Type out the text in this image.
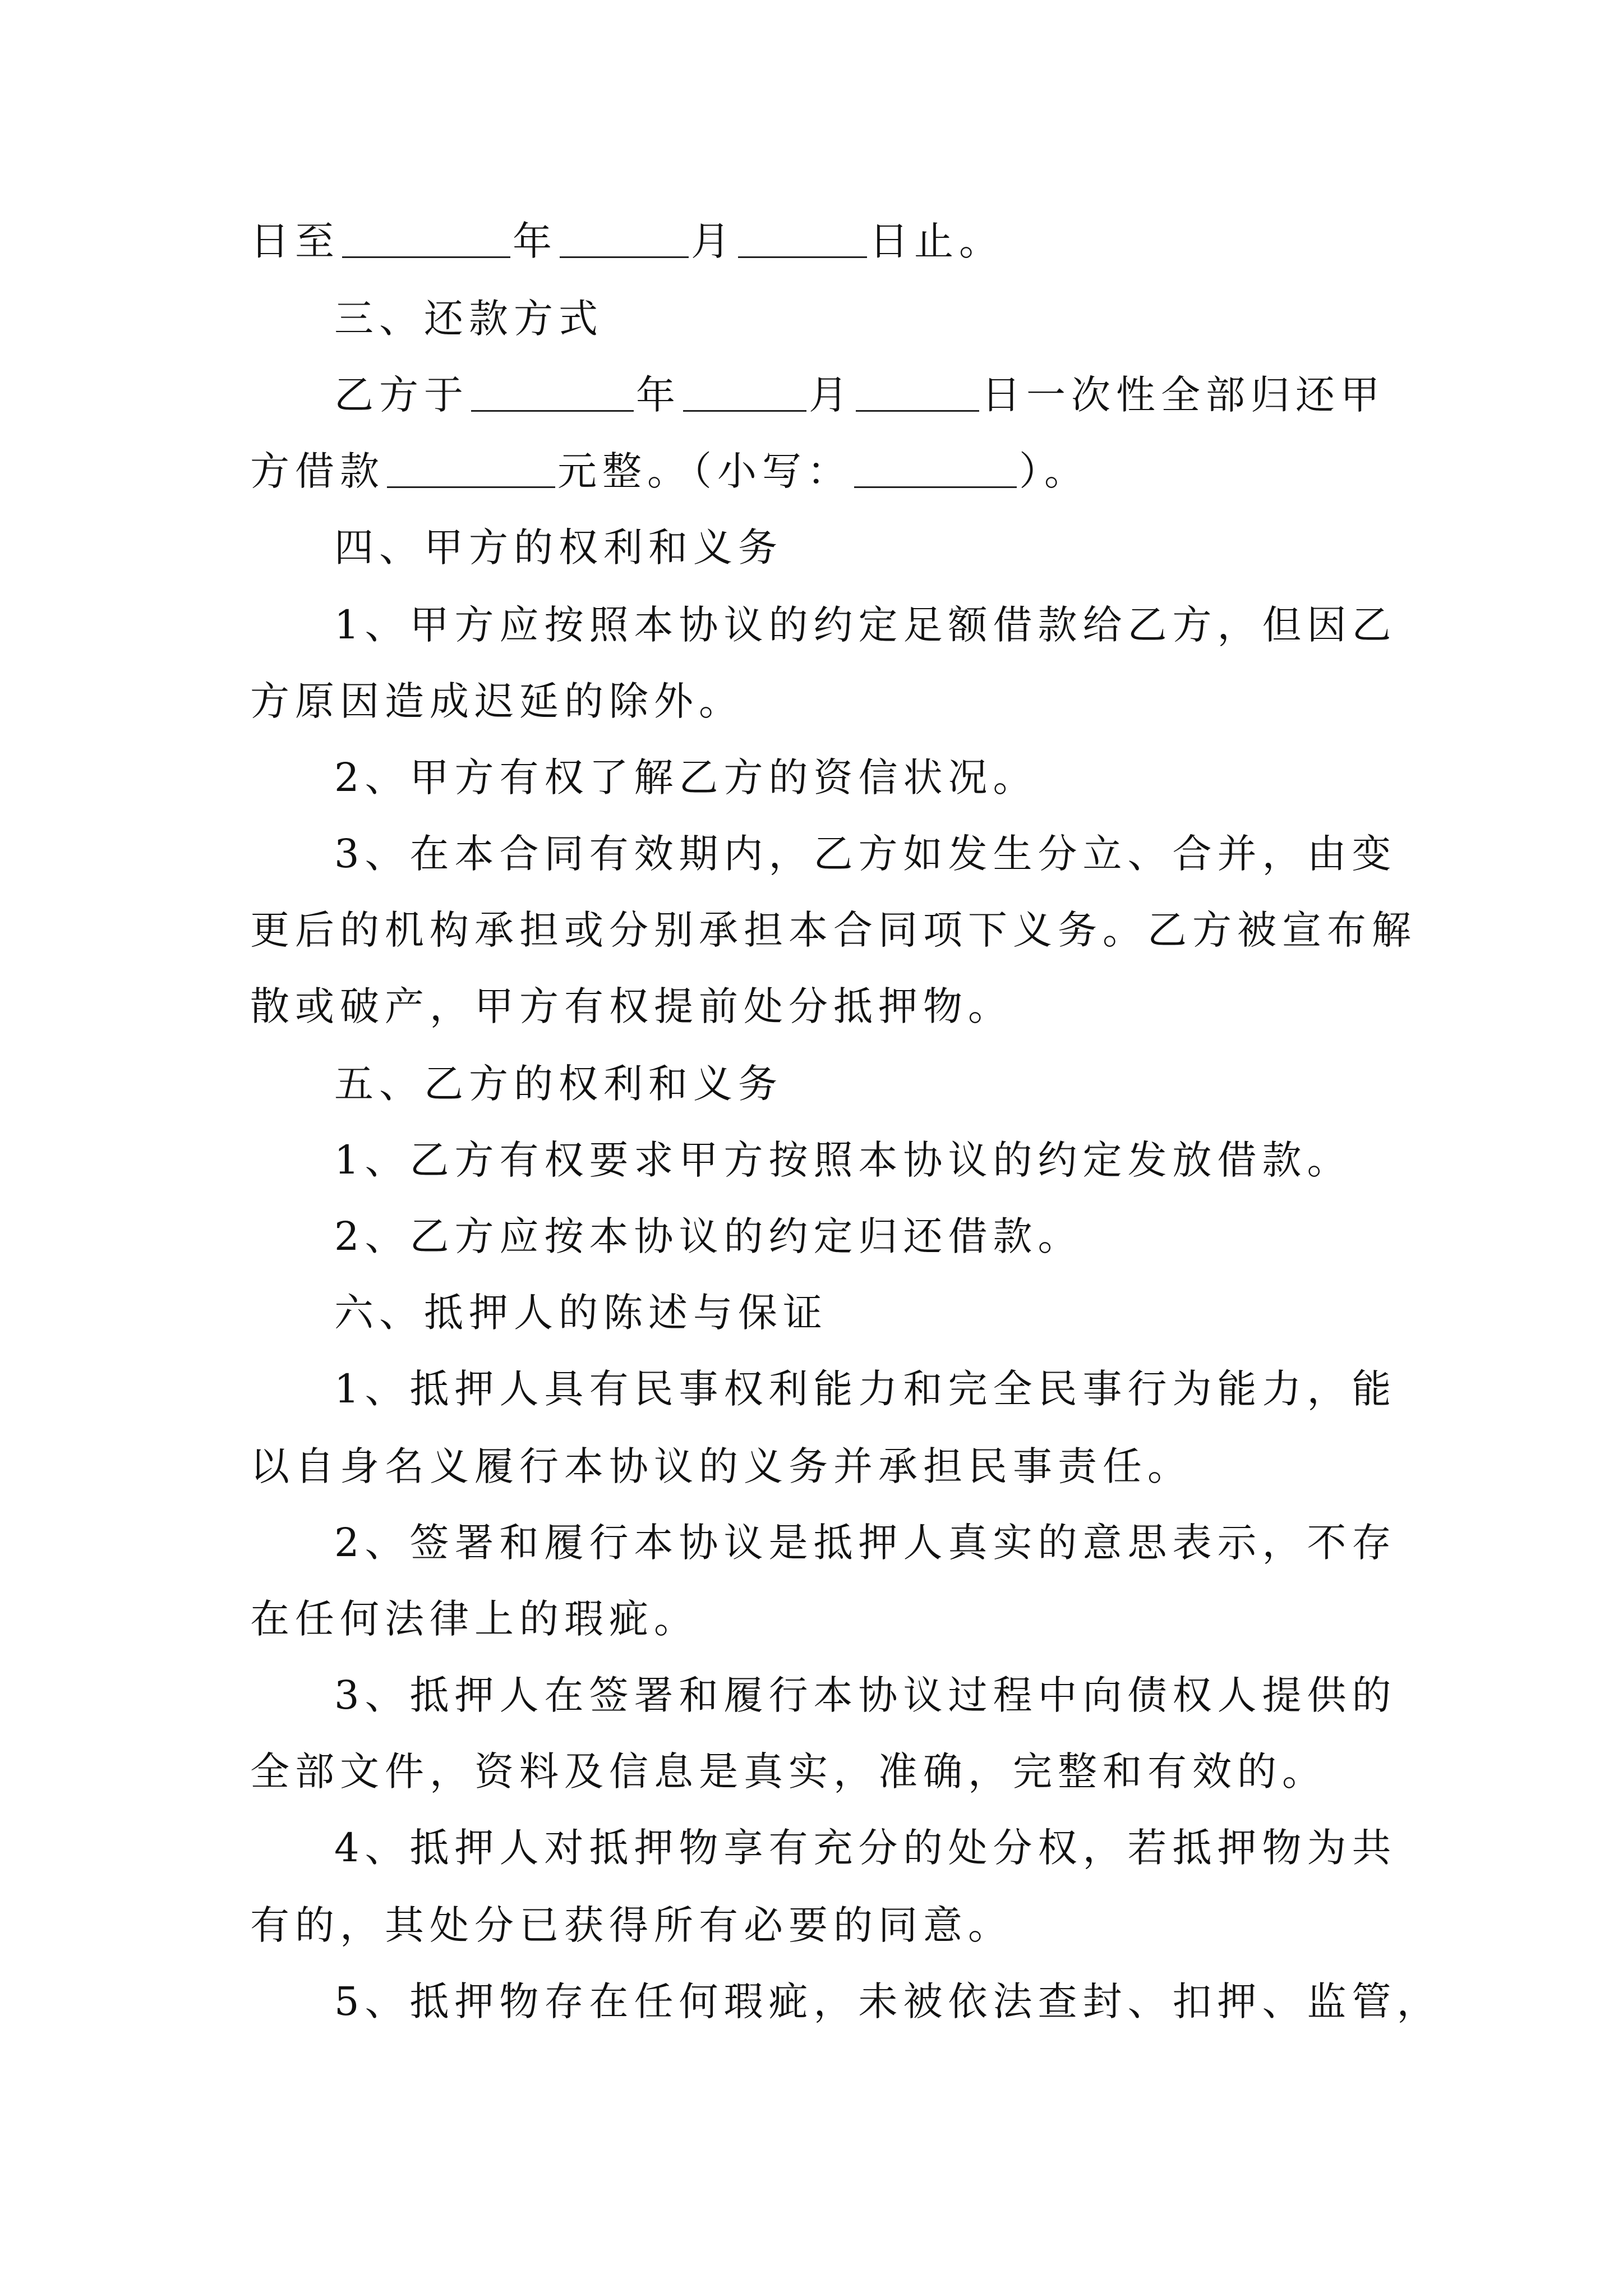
日至	年	月	日止。
三、还款方式
乙方于	年	月	日一次性全部归还甲
方借款	元整。（小写：	）。
四、甲方的权利和义务
1、甲方应按照本协议的约定足额借款给乙方，但因乙
方原因造成迟延的除外。
2、甲方有权了解乙方的资信状况。
3、在本合同有效期内，乙方如发生分立、合并，由变
更后的机构承担或分别承担本合同项下义务。乙方被宣布解
散或破产，甲方有权提前处分抵押物。
五、乙方的权利和义务
1、乙方有权要求甲方按照本协议的约定发放借款。
2、乙方应按本协议的约定归还借款。
六、抵押人的陈述与保证
1、抵押人具有民事权利能力和完全民事行为能力，能
以自身名义履行本协议的义务并承担民事责任。
2、签署和履行本协议是抵押人真实的意思表示，不存
在任何法律上的瑕疵。
3、抵押人在签署和履行本协议过程中向债权人提供的
全部文件，资料及信息是真实，准确，完整和有效的。
4、抵押人对抵押物享有充分的处分权，若抵押物为共
有的，其处分已获得所有必要的同意。
5、抵押物存在任何瑕疵，未被依法查封、扣押、监管，
